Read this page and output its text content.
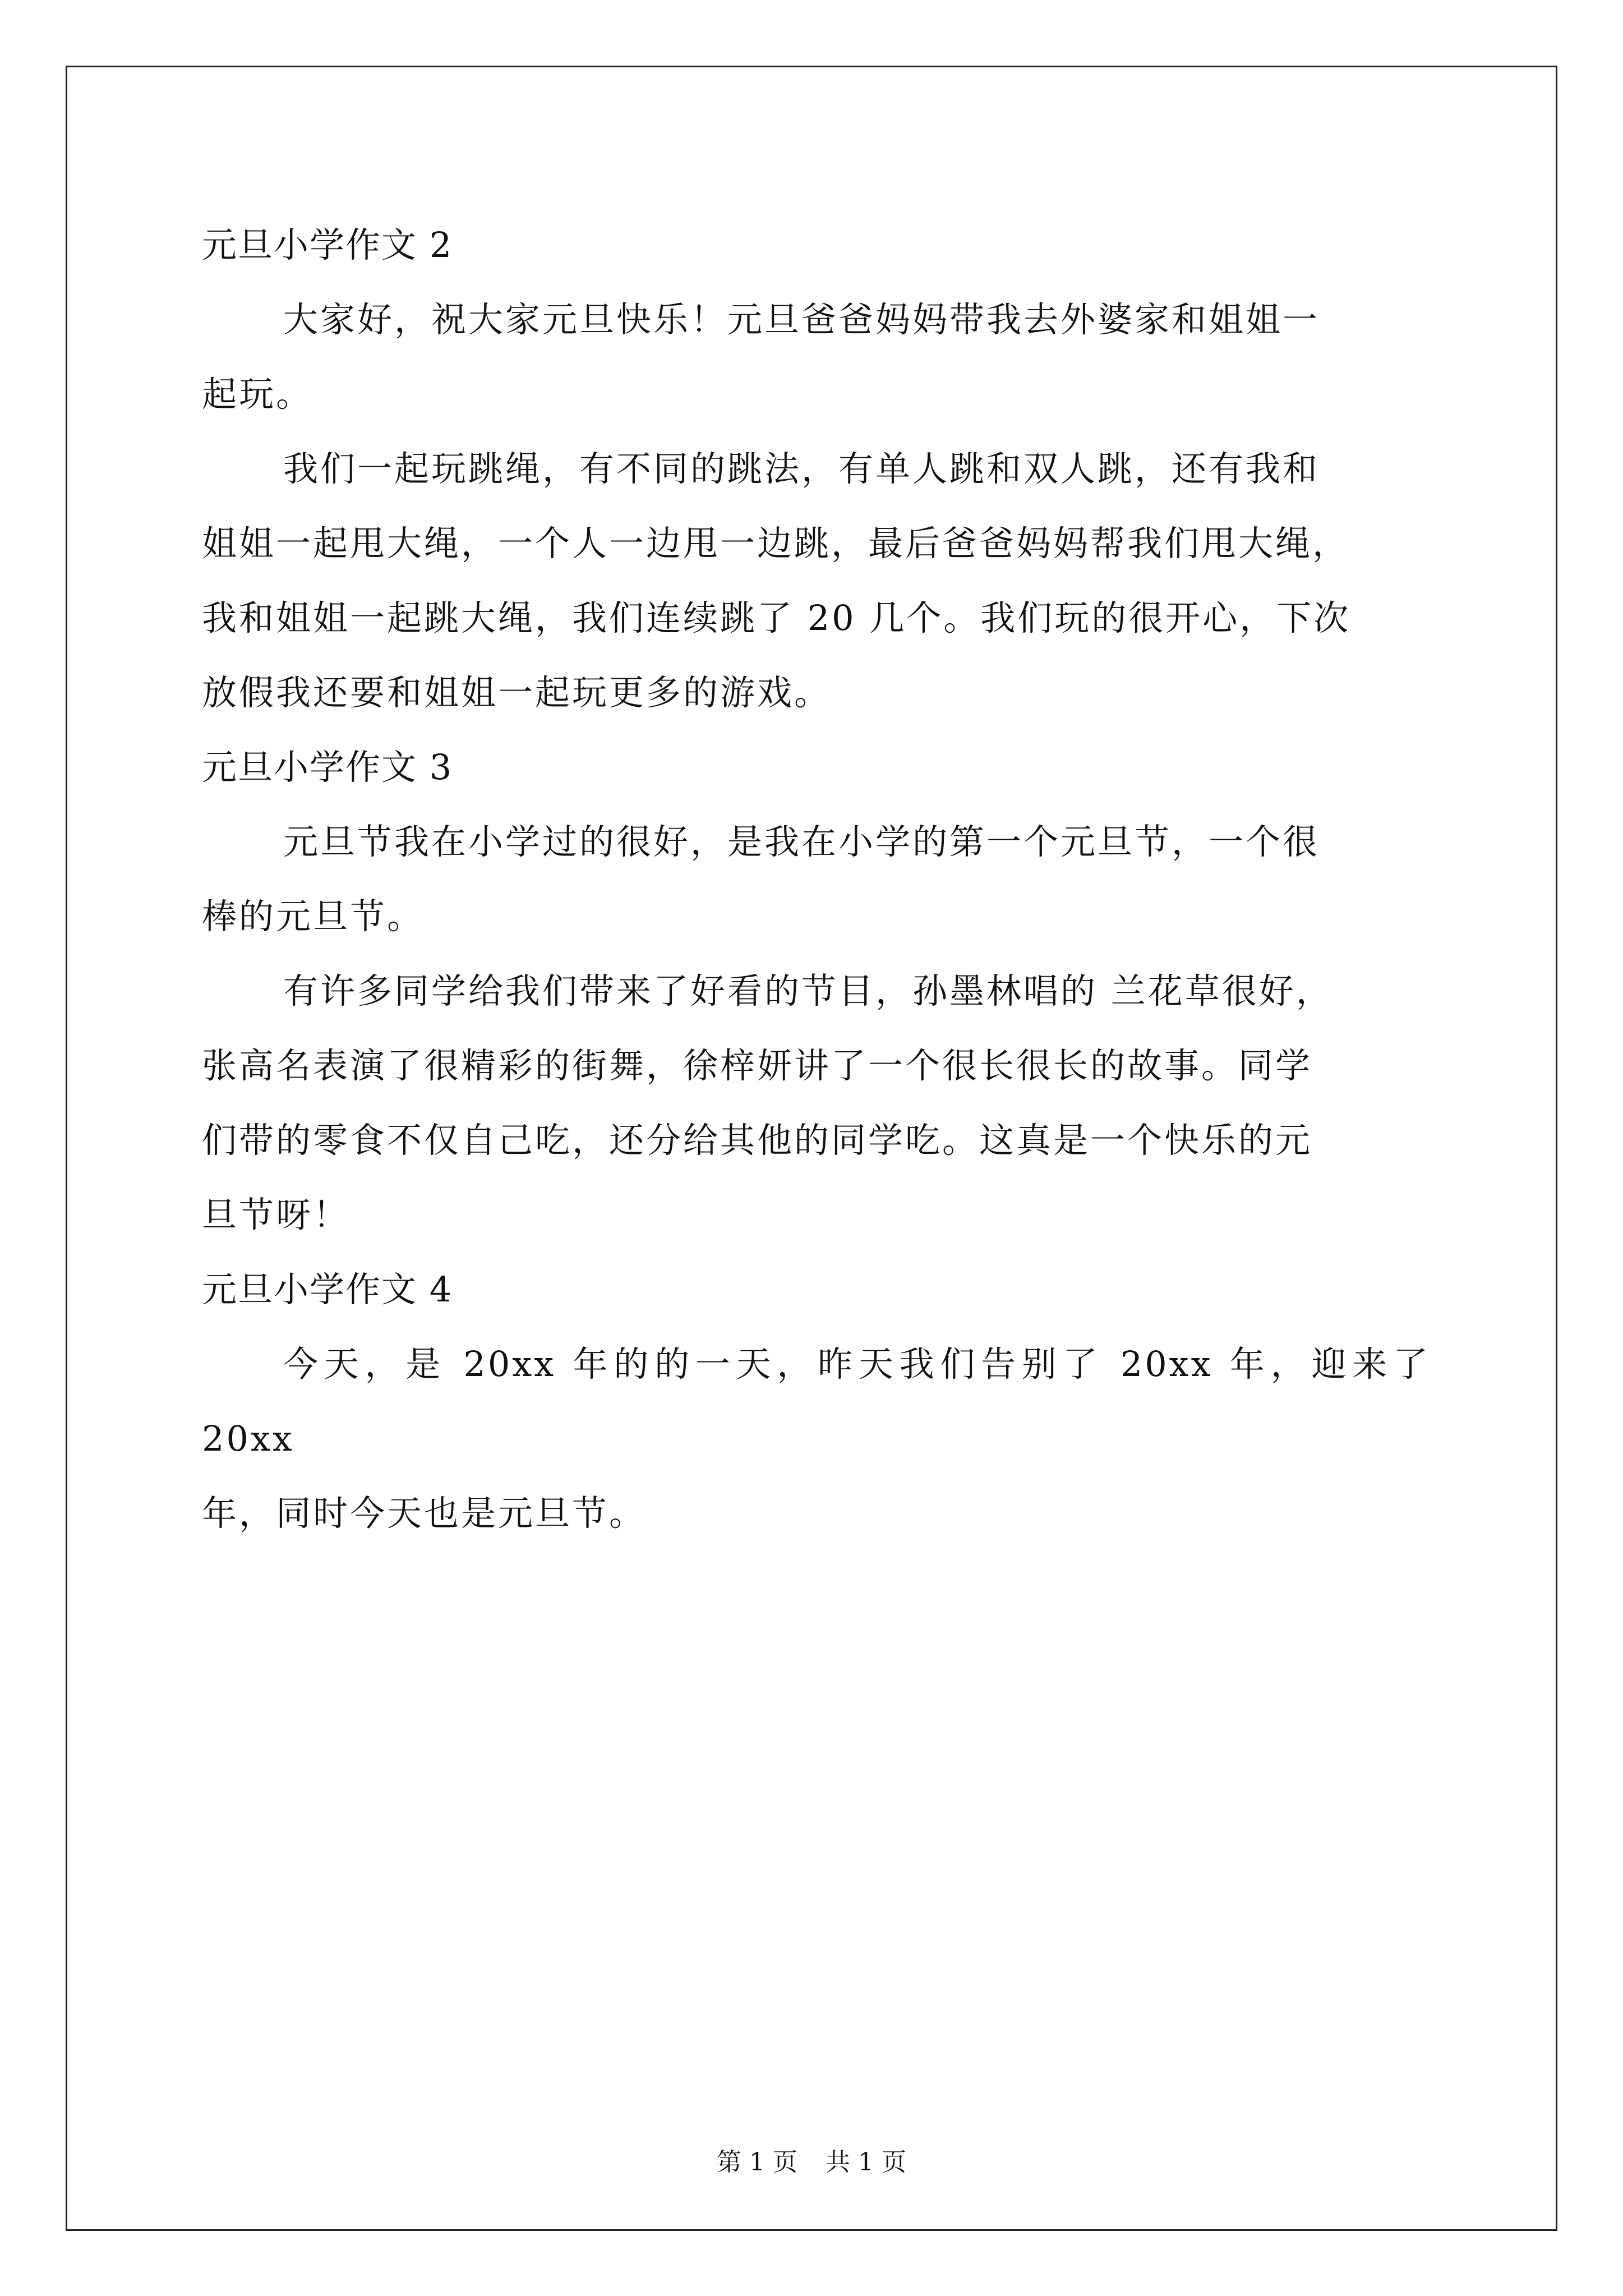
元旦小学作文 2

大家好，祝大家元旦快乐！元旦爸爸妈妈带我去外婆家和姐姐一
起玩。

我们一起玩跳绳，有不同的跳法，有单人跳和双人跳，还有我和
姐姐一起甩大绳，一个人一边甩一边跳，最后爸爸妈妈帮我们甩大绳，
我和姐姐一起跳大绳，我们连续跳了 20 几个。我们玩的很开心，下次
放假我还要和姐姐一起玩更多的游戏。

元旦小学作文 3

元旦节我在小学过的很好，是我在小学的第一个元旦节，一个很
棒的元旦节。

有许多同学给我们带来了好看的节目，孙墨林唱的 兰花草很好，
张高名表演了很精彩的街舞，徐梓妍讲了一个很长很长的故事。同学
们带的零食不仅自己吃，还分给其他的同学吃。这真是一个快乐的元
旦节呀！

元旦小学作文 4

今天，是 20xx 年的的一天，昨天我们告别了 20xx 年，迎来了 20xx
年，同时今天也是元旦节。

第 1 页 共 1 页
